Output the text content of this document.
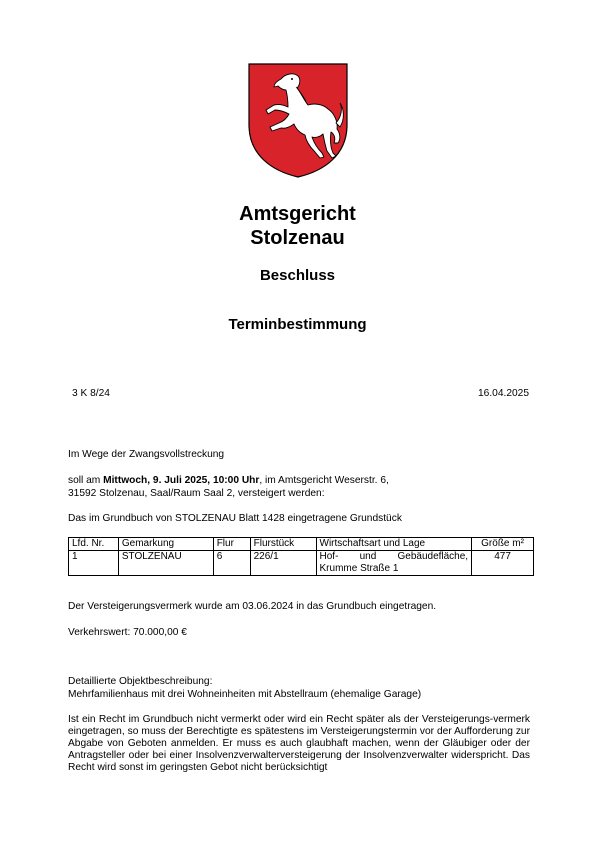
Amtsgericht
Stolzenau
Beschluss
Terminbestimmung
3 K 8/24	16.04.2025
Im Wege der Zwangsvollstreckung
soll am Mittwoch, 9. Juli 2025, 10:00 Uhr, im Amtsgericht Weserstr. 6,
31592 Stolzenau, Saal/Raum Saal 2, versteigert werden:
Das im Grundbuch von STOLZENAU Blatt 1428 eingetragene Grundstück
Lfd. Nr.	Gemarkung	Flur	Flurstück	Wirtschaftsart und Lage	Größe m²
1	STOLZENAU	6	226/1	Hof- und Gebäudefläche, Krumme Straße 1	477
Der Versteigerungsvermerk wurde am 03.06.2024 in das Grundbuch eingetragen.
Verkehrswert: 70.000,00 €
Detaillierte Objektbeschreibung:
Mehrfamilienhaus mit drei Wohneinheiten mit Abstellraum (ehemalige Garage)
Ist ein Recht im Grundbuch nicht vermerkt oder wird ein Recht später als der Versteigerungs-vermerk eingetragen, so muss der Berechtigte es spätestens im Versteigerungstermin vor der Aufforderung zur Abgabe von Geboten anmelden. Er muss es auch glaubhaft machen, wenn der Gläubiger oder der Antragsteller oder bei einer Insolvenzverwalterversteigerung der Insolvenzverwalter widerspricht. Das Recht wird sonst im geringsten Gebot nicht berücksichtigt
